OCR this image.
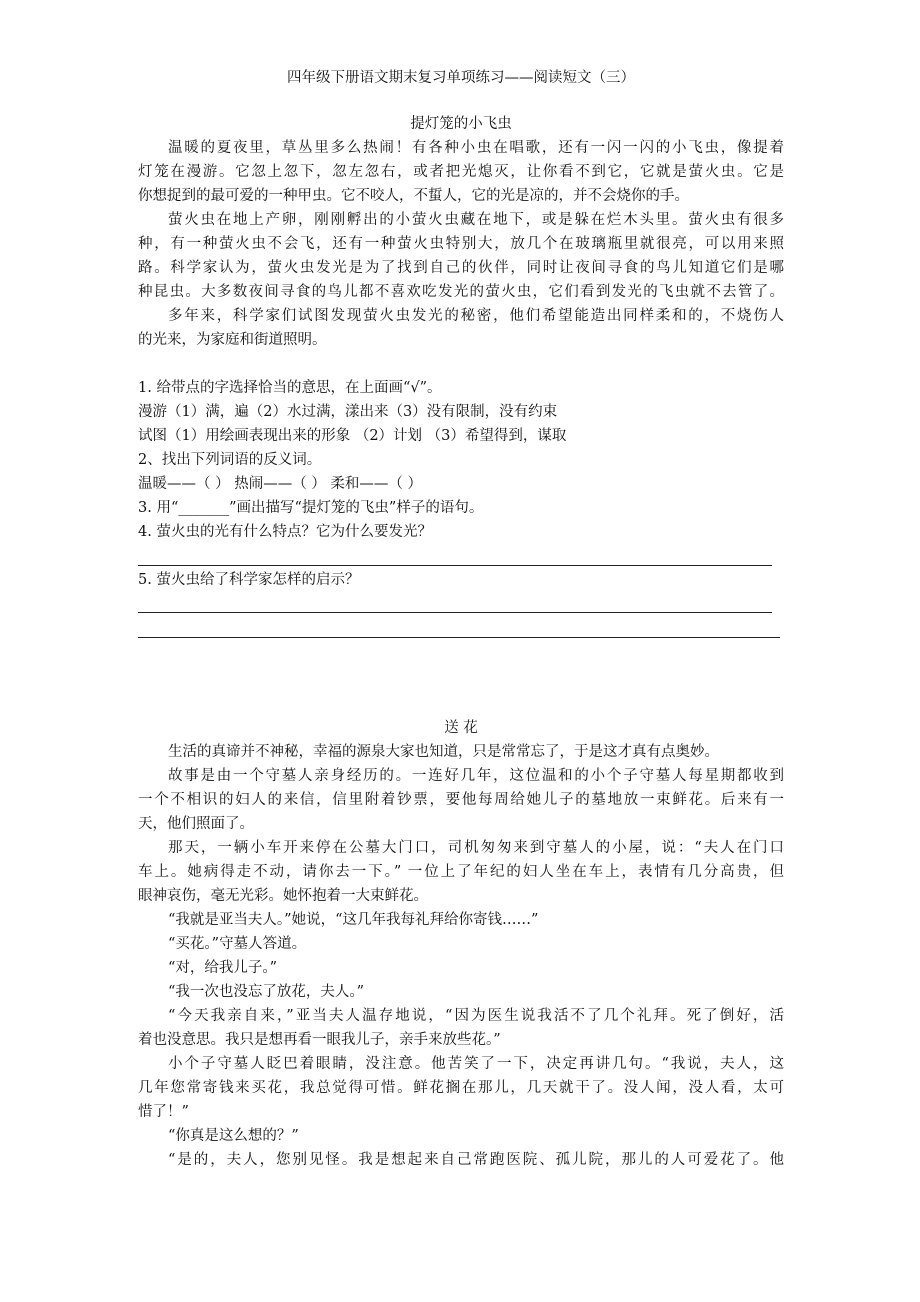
四年级下册语文期末复习单项练习——阅读短文（三）
提灯笼的小飞虫
温暖的夏夜里，草丛里多么热闹！有各种小虫在唱歌，还有一闪一闪的小飞虫，像提着
灯笼在漫游。它忽上忽下，忽左忽右，或者把光熄灭，让你看不到它，它就是萤火虫。它是
你想捉到的最可爱的一种甲虫。它不咬人，不蜇人，它的光是凉的，并不会烧你的手。
萤火虫在地上产卵，刚刚孵出的小萤火虫藏在地下，或是躲在烂木头里。萤火虫有很多
种，有一种萤火虫不会飞，还有一种萤火虫特别大，放几个在玻璃瓶里就很亮，可以用来照
路。科学家认为，萤火虫发光是为了找到自己的伙伴，同时让夜间寻食的鸟儿知道它们是哪
种昆虫。大多数夜间寻食的鸟儿都不喜欢吃发光的萤火虫，它们看到发光的飞虫就不去管了。
多年来，科学家们试图发现萤火虫发光的秘密，他们希望能造出同样柔和的，不烧伤人
的光来，为家庭和街道照明。
1. 给带点的字选择恰当的意思，在上面画“√”。
漫游（1）满，遍（2）水过满，漾出来（3）没有限制，没有约束
试图（1）用绘画表现出来的形象 （2）计划 （3）希望得到，谋取
2、找出下列词语的反义词。
温暖——（ ） 热闹——（ ） 柔和——（ ）
3. 用“_______”画出描写“提灯笼的飞虫”样子的语句。
4. 萤火虫的光有什么特点？它为什么要发光？
5. 萤火虫给了科学家怎样的启示？
送 花
生活的真谛并不神秘，幸福的源泉大家也知道，只是常常忘了，于是这才真有点奥妙。
故事是由一个守墓人亲身经历的。一连好几年，这位温和的小个子守墓人每星期都收到
一个不相识的妇人的来信，信里附着钞票，要他每周给她儿子的墓地放一束鲜花。后来有一
天，他们照面了。
那天，一辆小车开来停在公墓大门口，司机匆匆来到守墓人的小屋，说：“夫人在门口
车上。她病得走不动，请你去一下。” 一位上了年纪的妇人坐在车上，表情有几分高贵，但
眼神哀伤，毫无光彩。她怀抱着一大束鲜花。
“我就是亚当夫人。”她说，“这几年我每礼拜给你寄钱……”
“买花。”守墓人答道。
“对，给我儿子。”
“我一次也没忘了放花，夫人。”
“今天我亲自来，”亚当夫人温存地说，“因为医生说我活不了几个礼拜。死了倒好，活
着也没意思。我只是想再看一眼我儿子，亲手来放些花。”
小个子守墓人眨巴着眼睛，没注意。他苦笑了一下，决定再讲几句。“我说，夫人，这
几年您常寄钱来买花，我总觉得可惜。鲜花搁在那儿，几天就干了。没人闻，没人看，太可
惜了！”
“你真是这么想的？”
“是的，夫人，您别见怪。我是想起来自己常跑医院、孤儿院，那儿的人可爱花了。他
